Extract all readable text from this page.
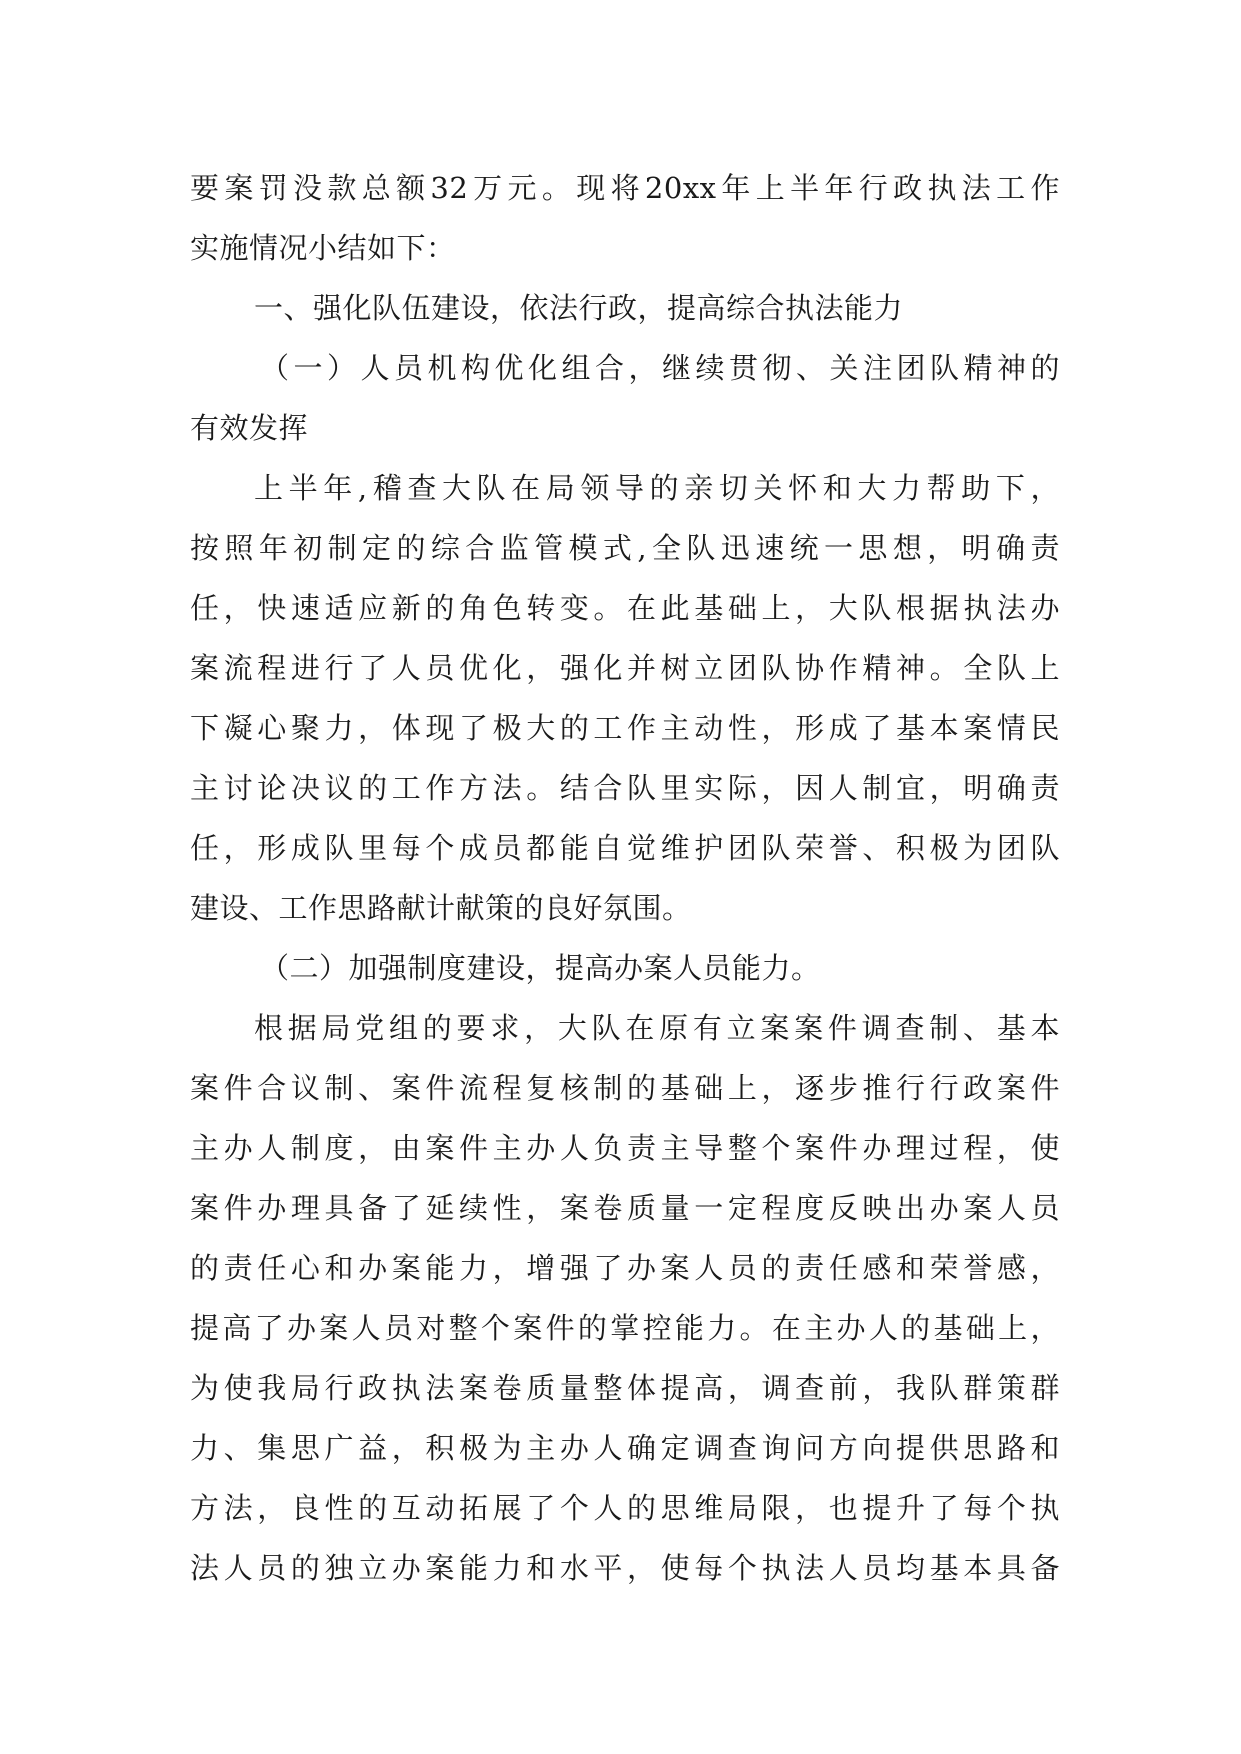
要案罚没款总额32万元。现将20xx年上半年行政执法工作
实施情况小结如下：
一、强化队伍建设，依法行政，提高综合执法能力
（一）人员机构优化组合，继续贯彻、关注团队精神的
有效发挥
上半年,稽查大队在局领导的亲切关怀和大力帮助下，
按照年初制定的综合监管模式,全队迅速统一思想，明确责
任，快速适应新的角色转变。在此基础上，大队根据执法办
案流程进行了人员优化，强化并树立团队协作精神。全队上
下凝心聚力，体现了极大的工作主动性，形成了基本案情民
主讨论决议的工作方法。结合队里实际，因人制宜，明确责
任，形成队里每个成员都能自觉维护团队荣誉、积极为团队
建设、工作思路献计献策的良好氛围。
（二）加强制度建设，提高办案人员能力。
根据局党组的要求，大队在原有立案案件调查制、基本
案件合议制、案件流程复核制的基础上，逐步推行行政案件
主办人制度，由案件主办人负责主导整个案件办理过程，使
案件办理具备了延续性，案卷质量一定程度反映出办案人员
的责任心和办案能力，增强了办案人员的责任感和荣誉感，
提高了办案人员对整个案件的掌控能力。在主办人的基础上，
为使我局行政执法案卷质量整体提高，调查前，我队群策群
力、集思广益，积极为主办人确定调查询问方向提供思路和
方法，良性的互动拓展了个人的思维局限，也提升了每个执
法人员的独立办案能力和水平，使每个执法人员均基本具备
